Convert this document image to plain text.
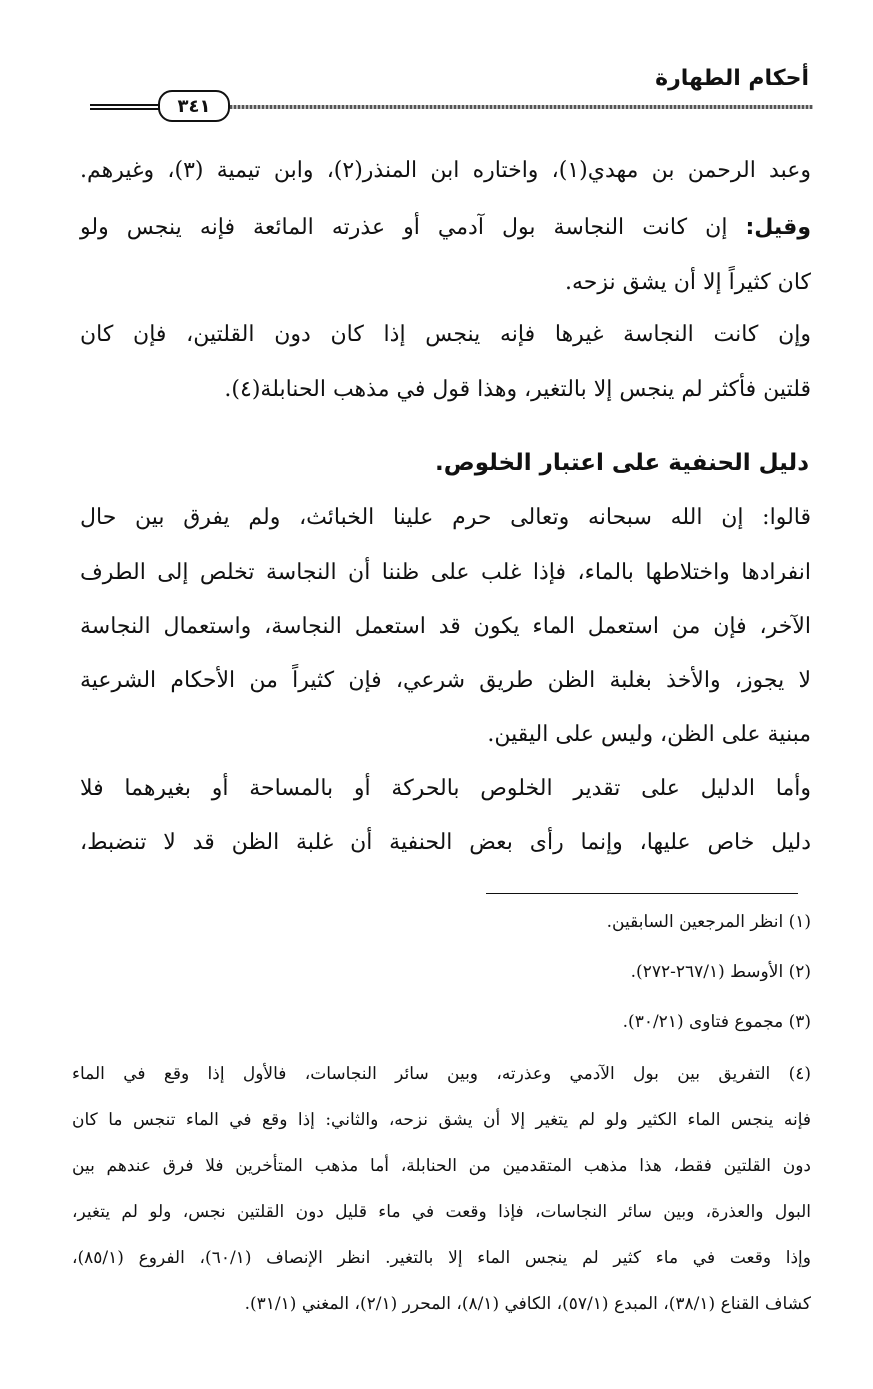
أحكام الطهارة
٣٤١
وعبد الرحمن بن مهدي(١)، واختاره ابن المنذر(٢)، وابن تيمية (٣)، وغيرهم.
وقيل: إن كانت النجاسة بول آدمي أو عذرته المائعة فإنه ينجس ولو
كان كثيراً إلا أن يشق نزحه.
وإن كانت النجاسة غيرها فإنه ينجس إذا كان دون القلتين، فإن كان
قلتين فأكثر لم ينجس إلا بالتغير، وهذا قول في مذهب الحنابلة(٤).
دليل الحنفية على اعتبار الخلوص.
قالوا: إن الله سبحانه وتعالى حرم علينا الخبائث، ولم يفرق بين حال
انفرادها واختلاطها بالماء، فإذا غلب على ظننا أن النجاسة تخلص إلى الطرف
الآخر، فإن من استعمل الماء يكون قد استعمل النجاسة، واستعمال النجاسة
لا يجوز، والأخذ بغلبة الظن طريق شرعي، فإن كثيراً من الأحكام الشرعية
مبنية على الظن، وليس على اليقين.
وأما الدليل على تقدير الخلوص بالحركة أو بالمساحة أو بغيرهما فلا
دليل خاص عليها، وإنما رأى بعض الحنفية أن غلبة الظن قد لا تنضبط،
(١) انظر المرجعين السابقين.
(٢) الأوسط (٢٦٧/١-٢٧٢).
(٣) مجموع فتاوى (٣٠/٢١).
(٤) التفريق بين بول الآدمي وعذرته، وبين سائر النجاسات، فالأول إذا وقع في الماء
فإنه ينجس الماء الكثير ولو لم يتغير إلا أن يشق نزحه، والثاني: إذا وقع في الماء تنجس ما كان
دون القلتين فقط، هذا مذهب المتقدمين من الحنابلة، أما مذهب المتأخرين فلا فرق عندهم بين
البول والعذرة، وبين سائر النجاسات، فإذا وقعت في ماء قليل دون القلتين نجس، ولو لم يتغير،
وإذا وقعت في ماء كثير لم ينجس الماء إلا بالتغير. انظر الإنصاف (٦٠/١)، الفروع (٨٥/١)،
كشاف القناع (٣٨/١)، المبدع (٥٧/١)، الكافي (٨/١)، المحرر (٢/١)، المغني (٣١/١).
